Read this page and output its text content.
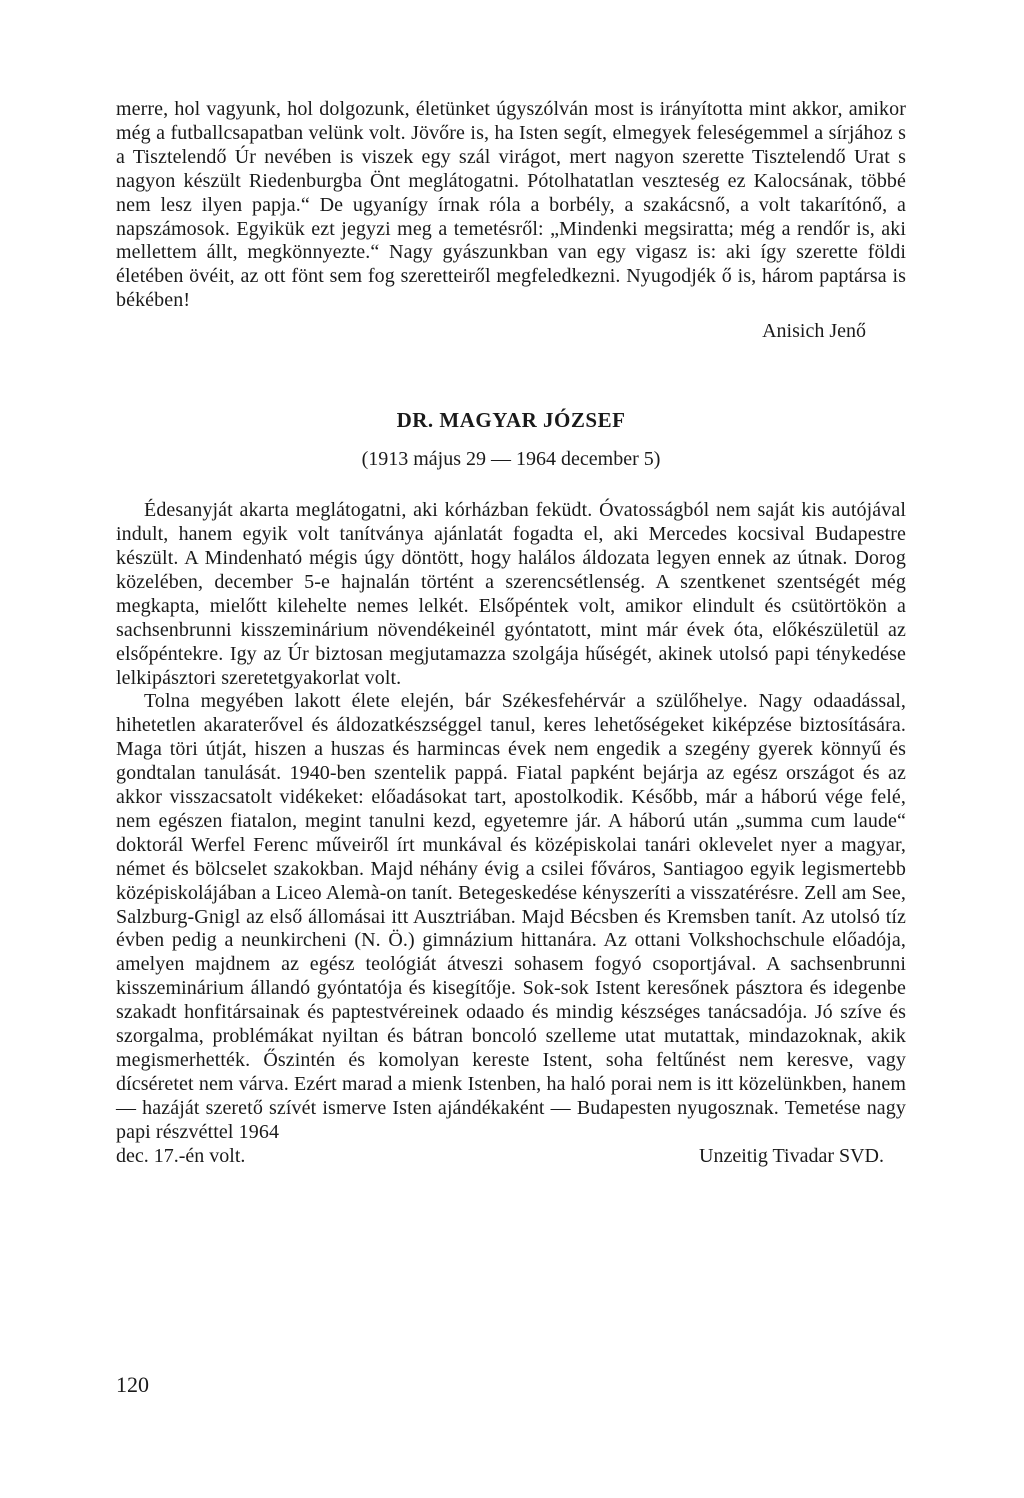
merre, hol vagyunk, hol dolgozunk, életünket úgyszólván most is irányította mint akkor, amikor még a futballcsapatban velünk volt. Jövőre is, ha Isten segít, elmegyek feleségemmel a sírjához s a Tisztelendő Úr nevében is viszek egy szál virágot, mert nagyon szerette Tisztelendő Urat s nagyon készült Riedenburgba Önt meglátogatni. Pótolhatatlan veszteség ez Kalocsának, többé nem lesz ilyen papja.“ De ugyanígy írnak róla a borbély, a szakácsnő, a volt takarítónő, a napszámosok. Egyikük ezt jegyzi meg a temetésről: „Mindenki megsiratta; még a rendőr is, aki mellettem állt, megkönnyezte.“ Nagy gyászunkban van egy vigasz is: aki így szerette földi életében övéit, az ott fönt sem fog szeretteiről megfeledkezni. Nyugodjék ő is, három paptársa is békében!

Anisich Jenő

DR. MAGYAR JÓZSEF

(1913 május 29 — 1964 december 5)

Édesanyját akarta meglátogatni, aki kórházban feküdt. Óvatosságból nem saját kis autójával indult, hanem egyik volt tanítványa ajánlatát fogadta el, aki Mercedes kocsival Budapestre készült. A Mindenható mégis úgy döntött, hogy halálos áldozata legyen ennek az útnak. Dorog közelében, december 5-e hajnalán történt a szerencsétlenség. A szentkenet szentségét még megkapta, mielőtt kilehelte nemes lelkét. Elsőpéntek volt, amikor elindult és csütörtökön a sachsenbrunni kisszeminárium növendékeinél gyóntatott, mint már évek óta, előkészületül az elsőpéntekre. Igy az Úr biztosan megjutamazza szolgája hűségét, akinek utolsó papi ténykedése lelkipásztori szeretetgyakorlat volt.

Tolna megyében lakott élete elején, bár Székesfehérvár a szülőhelye. Nagy odaadással, hihetetlen akaraterővel és áldozatkészséggel tanul, keres lehetőségeket kiképzése biztosítására. Maga töri útját, hiszen a huszas és harmincas évek nem engedik a szegény gyerek könnyű és gondtalan tanulását. 1940-ben szentelik pappá. Fiatal papként bejárja az egész országot és az akkor visszacsatolt vidékeket: előadásokat tart, apostolkodik. Később, már a háború vége felé, nem egészen fiatalon, megint tanulni kezd, egyetemre jár. A háború után „summa cum laude“ doktorál Werfel Ferenc műveiről írt munkával és középiskolai tanári oklevelet nyer a magyar, német és bölcselet szakokban. Majd néhány évig a csilei főváros, Santiagoo egyik legismertebb középiskolájában a Liceo Alemà-on tanít. Betegeskedése kényszeríti a visszatérésre. Zell am See, Salzburg-Gnigl az első állomásai itt Ausztriában. Majd Bécsben és Kremsben tanít. Az utolsó tíz évben pedig a neunkircheni (N. Ö.) gimnázium hittanára. Az ottani Volkshochschule előadója, amelyen majdnem az egész teológiát átveszi sohasem fogyó csoportjával. A sachsenbrunni kisszeminárium állandó gyóntatója és kisegítője. Sok-sok Istent keresőnek pásztora és idegenbe szakadt honfitársainak és paptestvéreinek odaado és mindig készséges tanácsadója. Jó szíve és szorgalma, problémákat nyiltan és bátran boncoló szelleme utat mutattak, mindazoknak, akik megismerhették. Őszintén és komolyan kereste Istent, soha feltűnést nem keresve, vagy dícséretet nem várva. Ezért marad a mienk Istenben, ha haló porai nem is itt közelünkben, hanem — hazáját szerető szívét ismerve Isten ajándékaként — Budapesten nyugosznak. Temetése nagy papi részvéttel 1964

dec. 17.-én volt.	Unzeitig Tivadar SVD.
120
